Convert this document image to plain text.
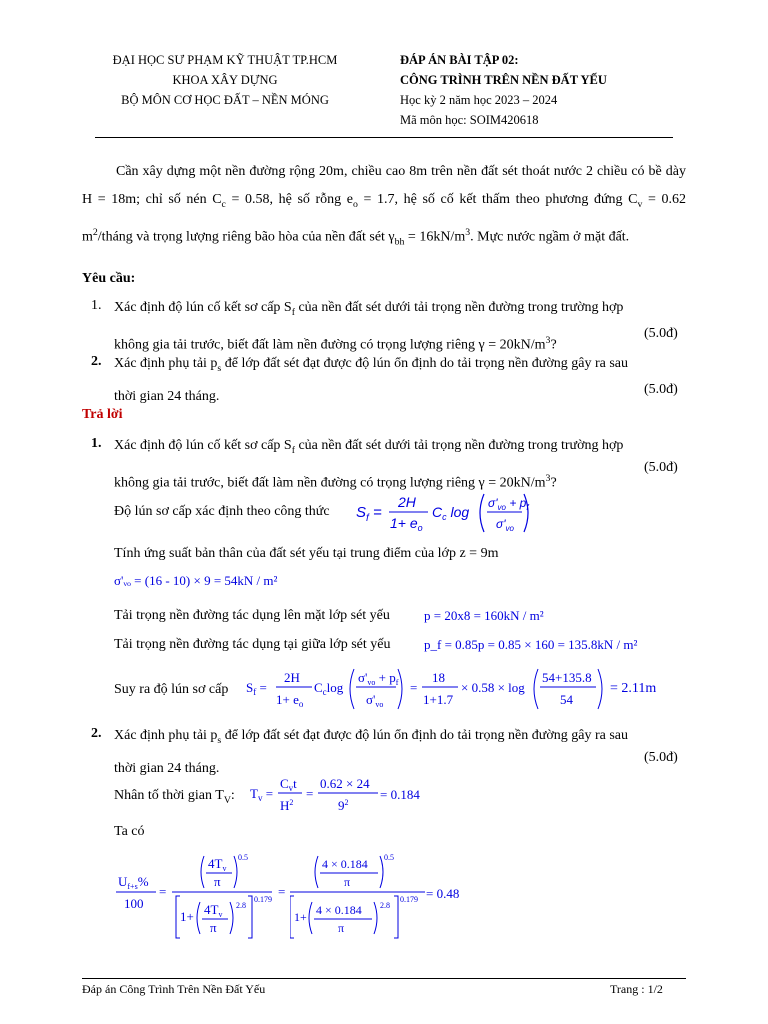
ĐẠI HỌC SƯ PHẠM KỸ THUẬT TP.HCM
KHOA XÂY DỰNG
BỘ MÔN CƠ HỌC ĐẤT – NỀN MÓNG
ĐÁP ÁN BÀI TẬP 02:
CÔNG TRÌNH TRÊN NỀN ĐẤT YẾU
Học kỳ 2 năm học 2023 – 2024
Mã môn học: SOIM420618
Cần xây dựng một nền đường rộng 20m, chiều cao 8m trên nền đất sét thoát nước 2 chiều có bề dày H = 18m; chỉ số nén $C_c = 0.58$, hệ số rỗng $e_o = 1.7$, hệ số cố kết thấm theo phương đứng $C_v = 0.62$ $m^2$/tháng và trọng lượng riêng bão hòa của nền đất sét $\gamma_{bh} = 16kN/m^3$. Mực nước ngầm ở mặt đất.
Yêu cầu:
1. Xác định độ lún cố kết sơ cấp $S_f$ của nền đất sét dưới tải trọng nền đường trong trường hợp
không gia tải trước, biết đất làm nền đường có trọng lượng riêng $\gamma = 20kN/m^3$?
(5.0đ)
2. Xác định phụ tải $p_s$ để lớp đất sét đạt được độ lún ổn định do tải trọng nền đường gây ra sau
thời gian 24 tháng.	(5.0đ)
Trả lời
1. Xác định độ lún cố kết sơ cấp $S_f$ của nền đất sét dưới tải trọng nền đường trong trường hợp
không gia tải trước, biết đất làm nền đường có trọng lượng riêng $\gamma = 20kN/m^3$?
(5.0đ)
Độ lún sơ cấp xác định theo công thức $S_f$ =
2H
$1+ e_o$
$C_c$ log
$\sigma'_{vo} + p_f$
$\sigma'_{vo}$
Tính ứng suất bản thân của đất sét yếu tại trung điểm của lớp z = 9m
σ'ᵥₒ = (16 - 10) × 9 = 54kN / m²
Tải trọng nền đường tác dụng lên mặt lớp sét yếu	p = 20x8 = 160kN / m²
Tải trọng nền đường tác dụng tại giữa lớp sét yếu	p_f = 0.85p = 0.85 × 160 = 135.8kN / m²
Suy ra độ lún sơ cấp $S_f$ =
2H
$1+ e_o$
$C_c\log$
$\sigma'_{vo} + p_f$
$\sigma'_{vo}$
=
18
1+1.7
× 0.58 × log
54+135.8
54
= 2.11m
2. Xác định phụ tải $p_s$ để lớp đất sét đạt được độ lún ổn định do tải trọng nền đường gây ra sau
thời gian 24 tháng.
(5.0đ)
Nhân tố thời gian $T_V$: $T_v$ =
$C_vt$
$H^2$
=
0.62 × 24
$9^2$
= 0.184
Ta có
$U_{f+s}\%$
100
=
$4T_v$
π
0.5
$1+ 4T_v$
π
2.8
0.179
=
4 × 0.184
π
0.5
1+ 4 × 0.184
π
2.8
0.179 = 0.48
Đáp án Công Trình Trên Nền Đất Yếu	Trang : 1/2
